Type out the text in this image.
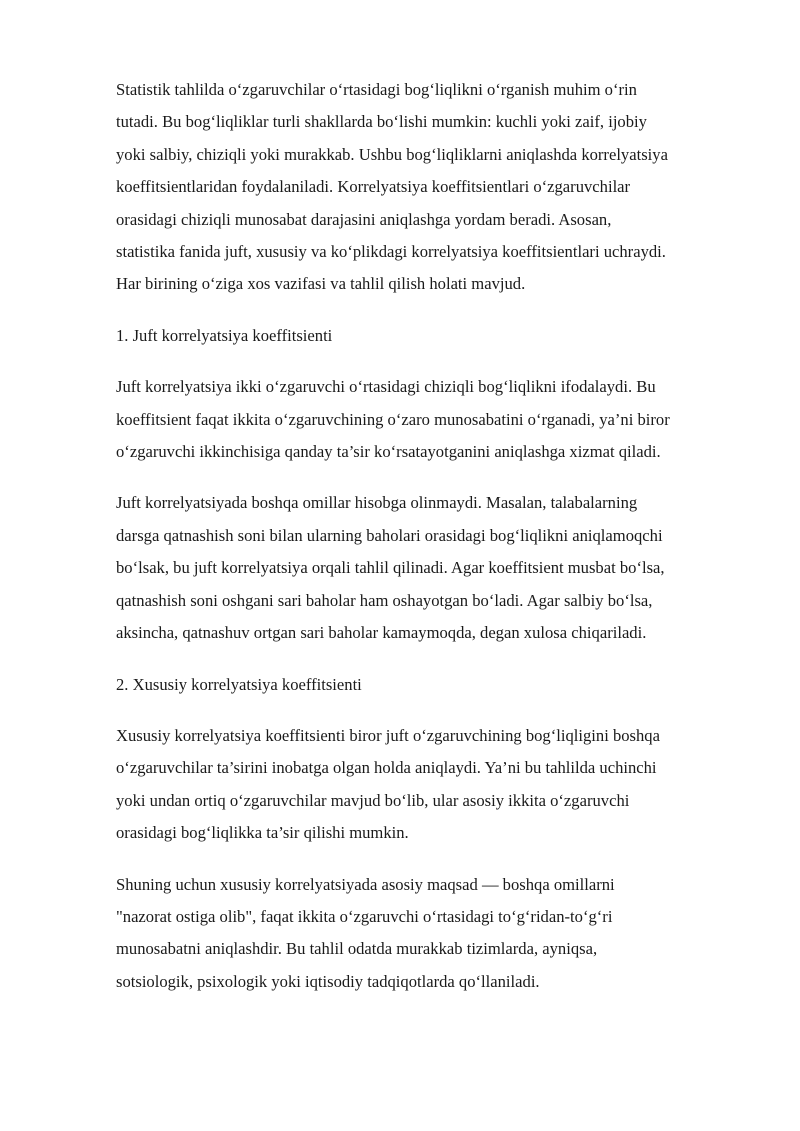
Statistik tahlilda o‘zgaruvchilar o‘rtasidagi bog‘liqlikni o‘rganish muhim o‘rin
tutadi. Bu bog‘liqliklar turli shakllarda bo‘lishi mumkin: kuchli yoki zaif, ijobiy
yoki salbiy, chiziqli yoki murakkab. Ushbu bog‘liqliklarni aniqlashda korrelyatsiya
koeffitsientlaridan foydalaniladi. Korrelyatsiya koeffitsientlari o‘zgaruvchilar
orasidagi chiziqli munosabat darajasini aniqlashga yordam beradi. Asosan,
statistika fanida juft, xususiy va ko‘plikdagi korrelyatsiya koeffitsientlari uchraydi.
Har birining o‘ziga xos vazifasi va tahlil qilish holati mavjud.

1. Juft korrelyatsiya koeffitsienti

Juft korrelyatsiya ikki o‘zgaruvchi o‘rtasidagi chiziqli bog‘liqlikni ifodalaydi. Bu
koeffitsient faqat ikkita o‘zgaruvchining o‘zaro munosabatini o‘rganadi, ya’ni biror
o‘zgaruvchi ikkinchisiga qanday ta’sir ko‘rsatayotganini aniqlashga xizmat qiladi.

Juft korrelyatsiyada boshqa omillar hisobga olinmaydi. Masalan, talabalarning
darsga qatnashish soni bilan ularning baholari orasidagi bog‘liqlikni aniqlamoqchi
bo‘lsak, bu juft korrelyatsiya orqali tahlil qilinadi. Agar koeffitsient musbat bo‘lsa,
qatnashish soni oshgani sari baholar ham oshayotgan bo‘ladi. Agar salbiy bo‘lsa,
aksincha, qatnashuv ortgan sari baholar kamaymoqda, degan xulosa chiqariladi.

2. Xususiy korrelyatsiya koeffitsienti

Xususiy korrelyatsiya koeffitsienti biror juft o‘zgaruvchining bog‘liqligini boshqa
o‘zgaruvchilar ta’sirini inobatga olgan holda aniqlaydi. Ya’ni bu tahlilda uchinchi
yoki undan ortiq o‘zgaruvchilar mavjud bo‘lib, ular asosiy ikkita o‘zgaruvchi
orasidagi bog‘liqlikka ta’sir qilishi mumkin.

Shuning uchun xususiy korrelyatsiyada asosiy maqsad — boshqa omillarni
"nazorat ostiga olib", faqat ikkita o‘zgaruvchi o‘rtasidagi to‘g‘ridan-to‘g‘ri
munosabatni aniqlashdir. Bu tahlil odatda murakkab tizimlarda, ayniqsa,
sotsiologik, psixologik yoki iqtisodiy tadqiqotlarda qo‘llaniladi.
